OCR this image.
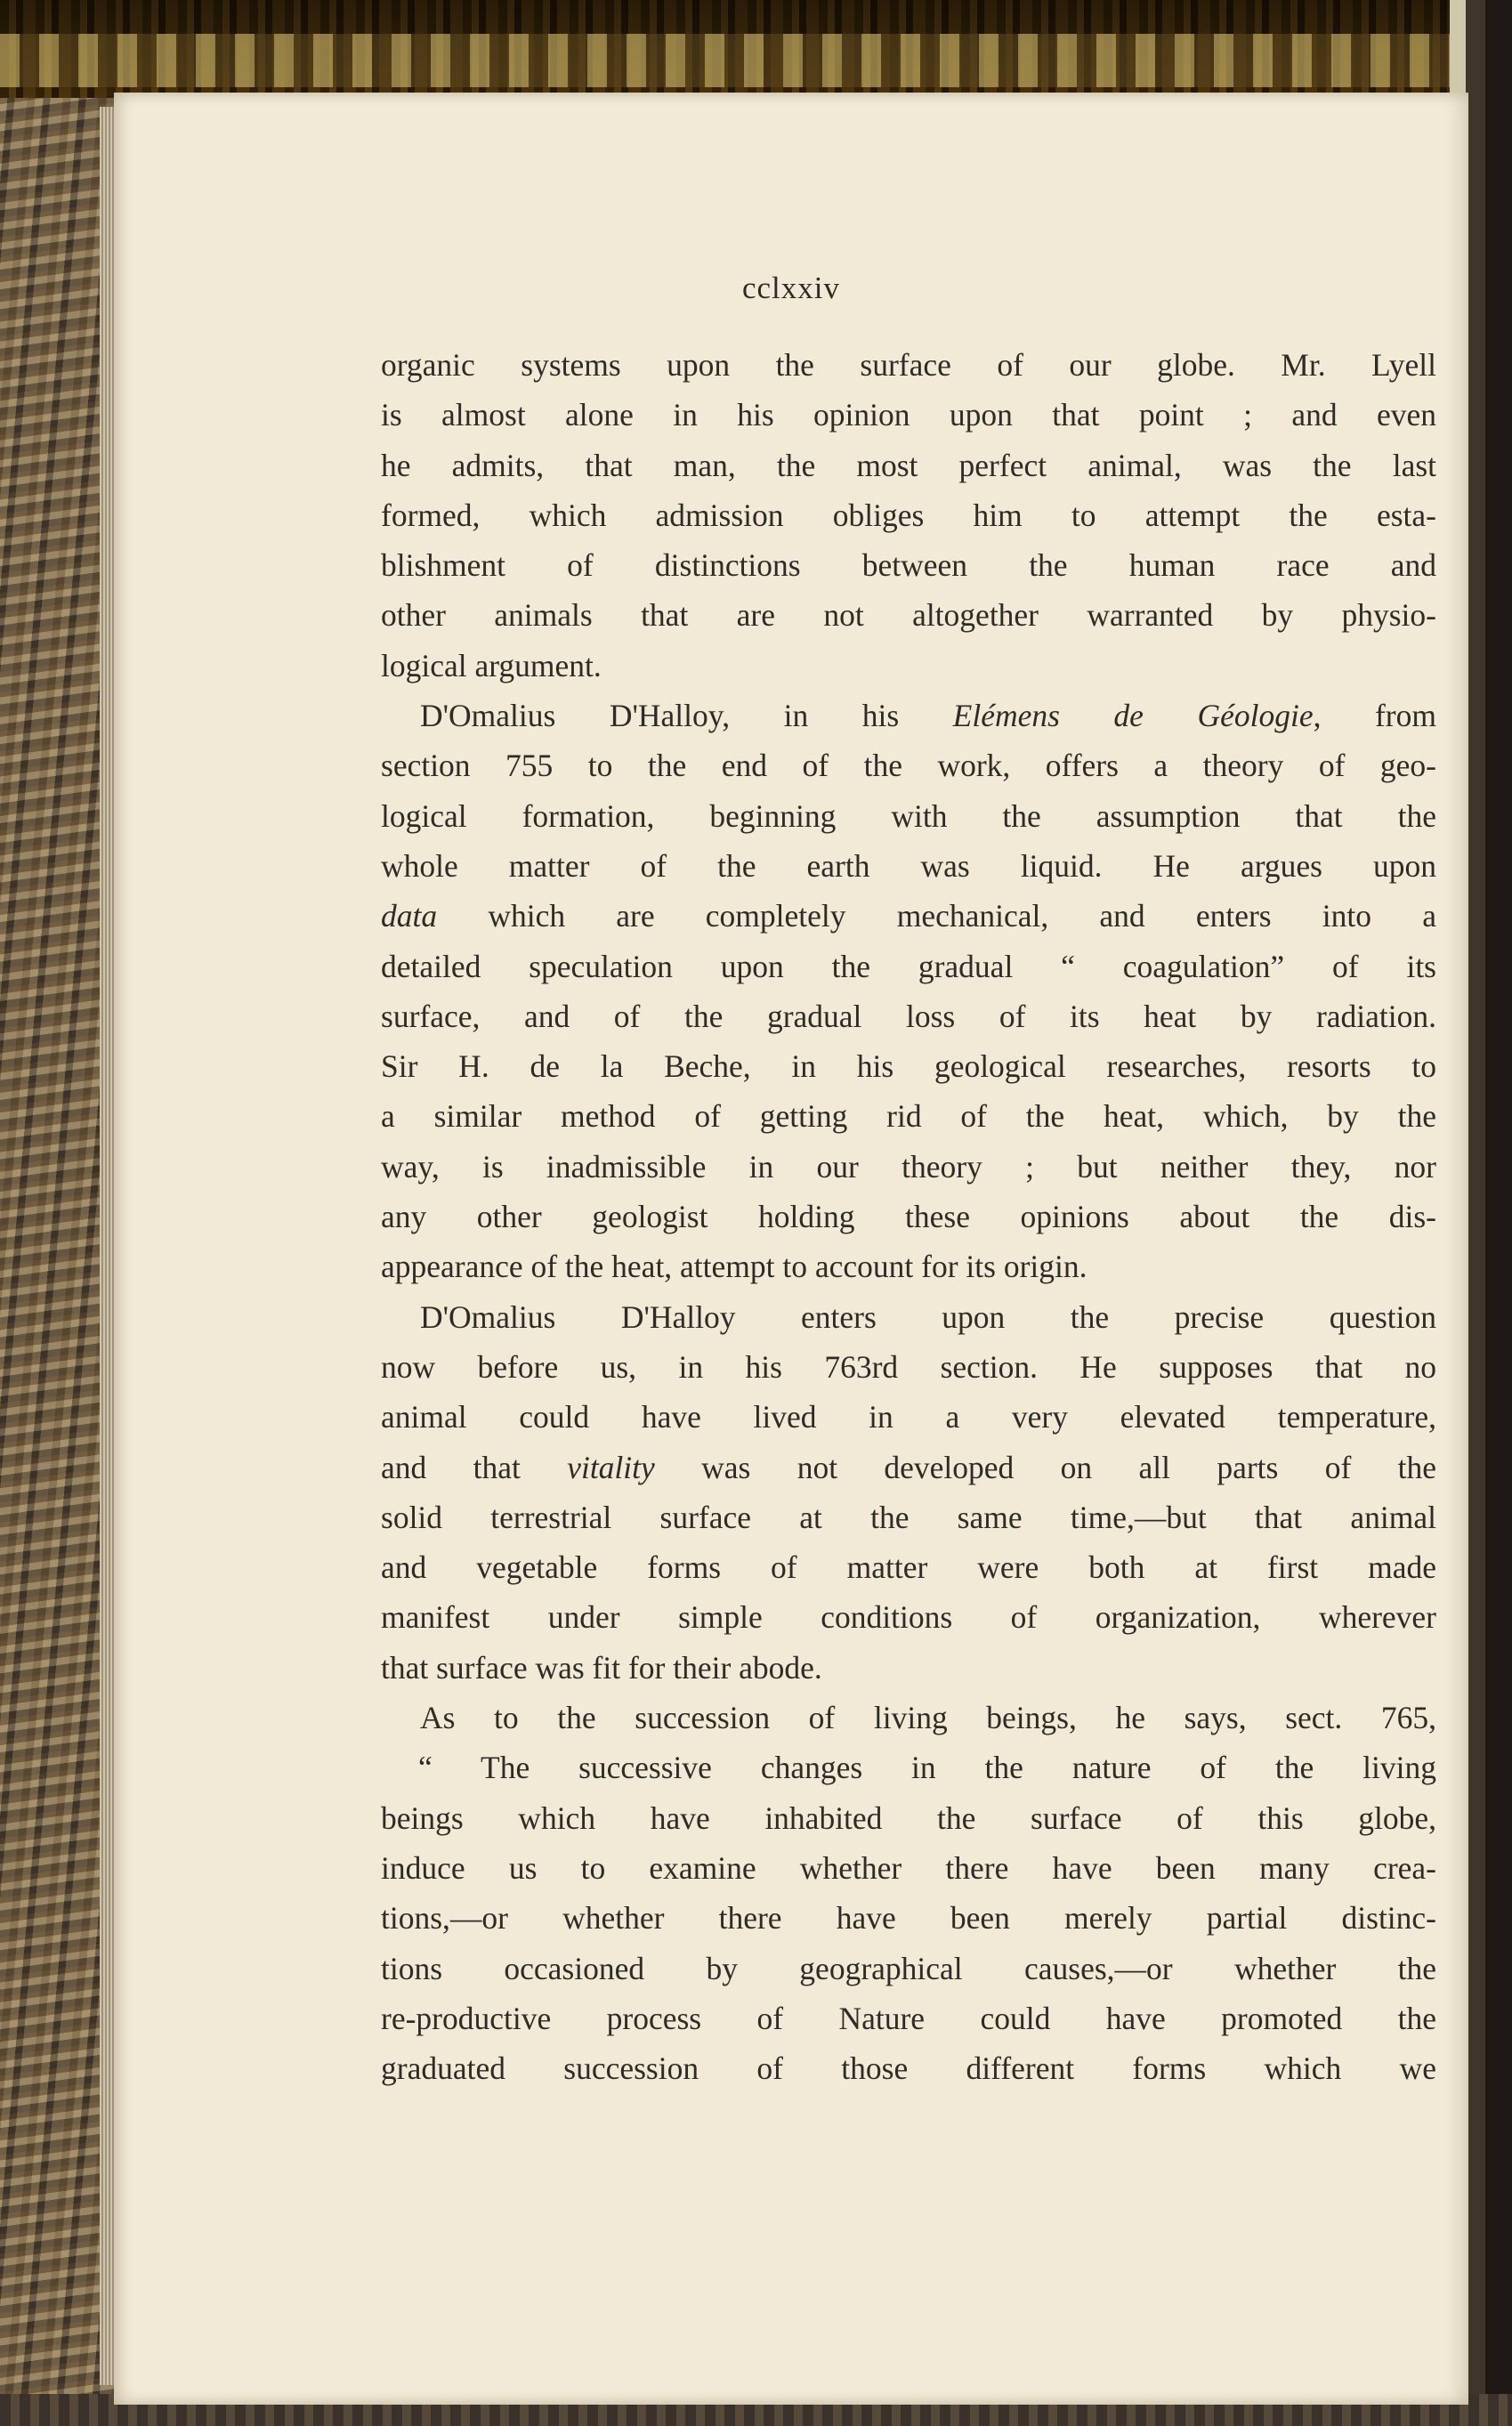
cclxxiv
organic systems upon the surface of our globe. Mr. Lyell
is almost alone in his opinion upon that point ; and even
he admits, that man, the most perfect animal, was the last
formed, which admission obliges him to attempt the esta-
blishment of distinctions between the human race and
other animals that are not altogether warranted by physio-
logical argument.
D'Omalius D'Halloy, in his Elémens de Géologie, from
section 755 to the end of the work, offers a theory of geo-
logical formation, beginning with the assumption that the
whole matter of the earth was liquid. He argues upon
data which are completely mechanical, and enters into a
detailed speculation upon the gradual “ coagulation” of its
surface, and of the gradual loss of its heat by radiation.
Sir H. de la Beche, in his geological researches, resorts to
a similar method of getting rid of the heat, which, by the
way, is inadmissible in our theory ; but neither they, nor
any other geologist holding these opinions about the dis-
appearance of the heat, attempt to account for its origin.
D'Omalius D'Halloy enters upon the precise question
now before us, in his 763rd section. He supposes that no
animal could have lived in a very elevated temperature,
and that vitality was not developed on all parts of the
solid terrestrial surface at the same time,—but that animal
and vegetable forms of matter were both at first made
manifest under simple conditions of organization, wherever
that surface was fit for their abode.
As to the succession of living beings, he says, sect. 765,
“ The successive changes in the nature of the living
beings which have inhabited the surface of this globe,
induce us to examine whether there have been many crea-
tions,—or whether there have been merely partial distinc-
tions occasioned by geographical causes,—or whether the
re-productive process of Nature could have promoted the
graduated succession of those different forms which we
